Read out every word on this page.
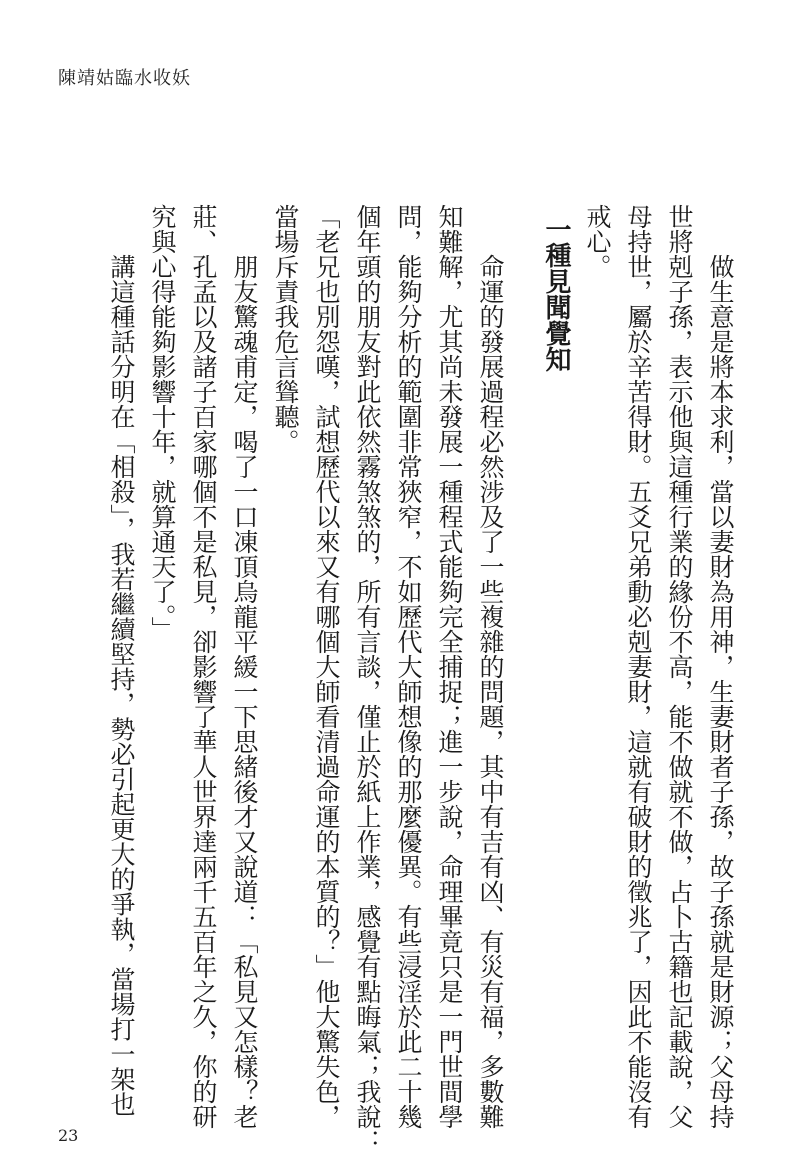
陳靖姑臨水收妖
做生意是將本求利，當以妻財為用神，生妻財者子孫，故子孫就是財源；父母持
世將剋子孫，表示他與這種行業的緣份不高，能不做就不做，占卜古籍也記載說，父
母持世，屬於辛苦得財。五爻兄弟動必剋妻財，這就有破財的徵兆了，因此不能沒有
戒心。
一種見聞覺知
命運的發展過程必然涉及了一些複雜的問題，其中有吉有凶、有災有福，多數難
知難解，尤其尚未發展一種程式能夠完全捕捉；進一步說，命理畢竟只是一門世間學
問，能夠分析的範圍非常狹窄，不如歷代大師想像的那麼優異。有些浸淫於此二十幾
個年頭的朋友對此依然霧煞煞的，所有言談，僅止於紙上作業，感覺有點晦氣；我說：
「老兄也別怨嘆，試想歷代以來又有哪個大師看清過命運的本質的？」他大驚失色，
當場斥責我危言聳聽。
朋友驚魂甫定，喝了一口凍頂烏龍平緩一下思緒後才又說道：「私見又怎樣？老
莊、孔孟以及諸子百家哪個不是私見，卻影響了華人世界達兩千五百年之久，你的研
究與心得能夠影響十年，就算通天了。」
講這種話分明在「相殺」，我若繼續堅持，勢必引起更大的爭執，當場打一架也
23
